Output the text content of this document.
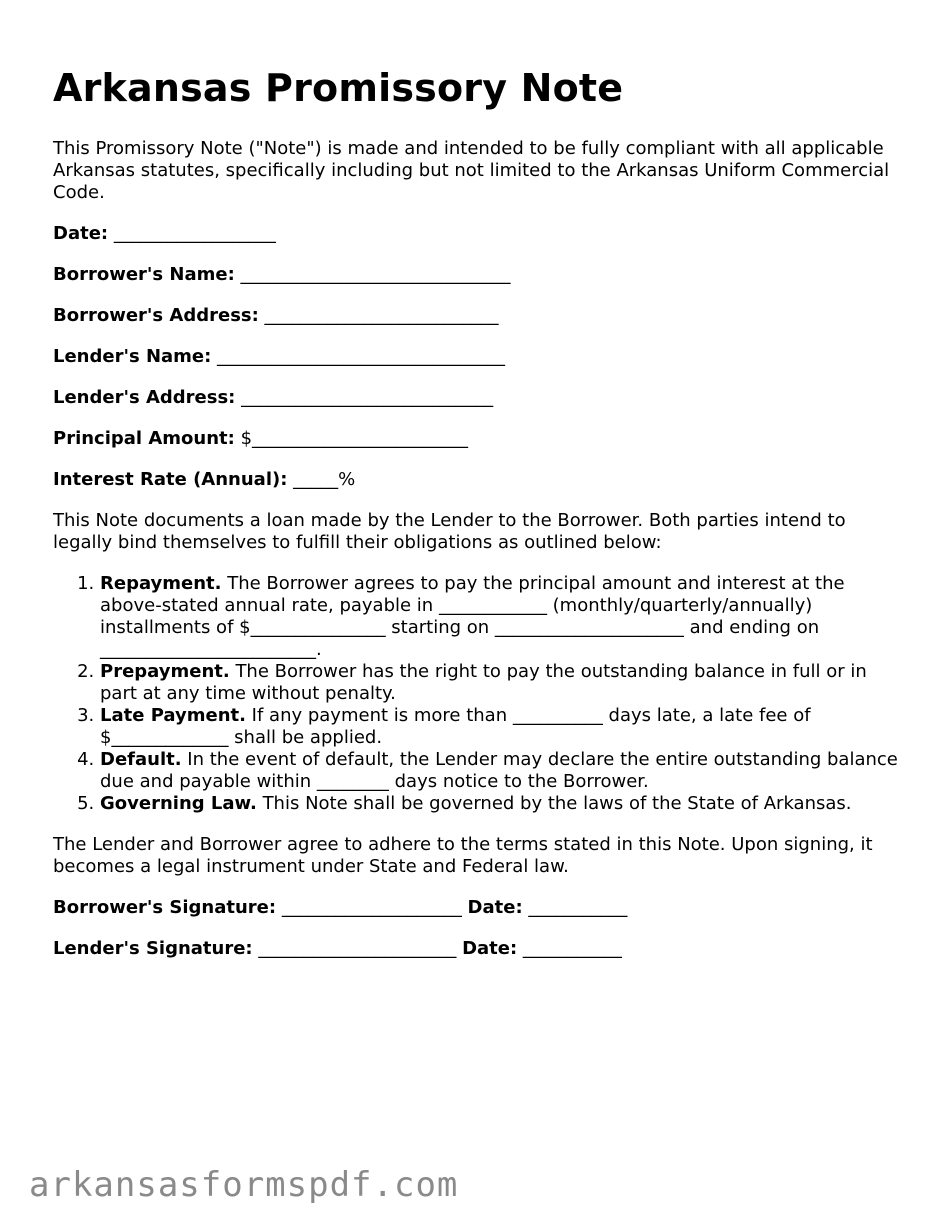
Arkansas Promissory Note

This Promissory Note ("Note") is made and intended to be fully compliant with all applicable Arkansas statutes, specifically including but not limited to the Arkansas Uniform Commercial Code.

Date: __________________
Borrower's Name: ______________________________
Borrower's Address: __________________________
Lender's Name: ________________________________
Lender's Address: ____________________________
Principal Amount: $________________________
Interest Rate (Annual): _____%

This Note documents a loan made by the Lender to the Borrower. Both parties intend to legally bind themselves to fulfill their obligations as outlined below:

1. Repayment. The Borrower agrees to pay the principal amount and interest at the above-stated annual rate, payable in ____________ (monthly/quarterly/annually) installments of $_______________ starting on _____________________ and ending on ________________________.
2. Prepayment. The Borrower has the right to pay the outstanding balance in full or in part at any time without penalty.
3. Late Payment. If any payment is more than __________ days late, a late fee of $_____________ shall be applied.
4. Default. In the event of default, the Lender may declare the entire outstanding balance due and payable within ________ days notice to the Borrower.
5. Governing Law. This Note shall be governed by the laws of the State of Arkansas.

The Lender and Borrower agree to adhere to the terms stated in this Note. Upon signing, it becomes a legal instrument under State and Federal law.

Borrower's Signature: ____________________ Date: ___________
Lender's Signature: ______________________ Date: ___________
arkansasformspdf.com
